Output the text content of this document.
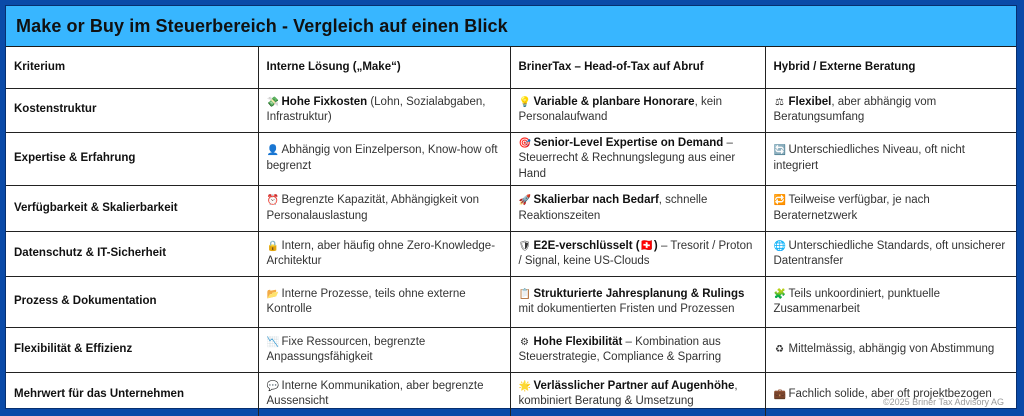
Make or Buy im Steuerbereich - Vergleich auf einen Blick
Kriterium	Interne Lösung („Make“)	BrinerTax – Head-of-Tax auf Abruf	Hybrid / Externe Beratung
Kostenstruktur	💸 Hohe Fixkosten (Lohn, Sozialabgaben, Infrastruktur)	💡 Variable & planbare Honorare, kein Personalaufwand	⚖ Flexibel, aber abhängig vom Beratungsumfang
Expertise & Erfahrung	👤 Abhängig von Einzelperson, Know-how oft begrenzt	🎯 Senior-Level Expertise on Demand – Steuerrecht & Rechnungslegung aus einer Hand	🔄 Unterschiedliches Niveau, oft nicht integriert
Verfügbarkeit & Skalierbarkeit	⏰ Begrenzte Kapazität, Abhängigkeit von Personalauslastung	🚀 Skalierbar nach Bedarf, schnelle Reaktionszeiten	🔁 Teilweise verfügbar, je nach Beraternetzwerk
Datenschutz & IT-Sicherheit	🔒 Intern, aber häufig ohne Zero-Knowledge-Architektur	🛡 E2E-verschlüsselt (🇨🇭) – Tresorit / Proton / Signal, keine US-Clouds	🌐 Unterschiedliche Standards, oft unsicherer Datentransfer
Prozess & Dokumentation	📂 Interne Prozesse, teils ohne externe Kontrolle	📋 Strukturierte Jahresplanung & Rulings mit dokumentierten Fristen und Prozessen	🧩 Teils unkoordiniert, punktuelle Zusammenarbeit
Flexibilität & Effizienz	📉 Fixe Ressourcen, begrenzte Anpassungsfähigkeit	⚙ Hohe Flexibilität – Kombination aus Steuerstrategie, Compliance & Sparring	♻ Mittelmässig, abhängig von Abstimmung
Mehrwert für das Unternehmen	💬 Interne Kommunikation, aber begrenzte Aussensicht	🌟 Verlässlicher Partner auf Augenhöhe, kombiniert Beratung & Umsetzung	💼 Fachlich solide, aber oft projektbezogen
©2025 Briner Tax Advisory AG
